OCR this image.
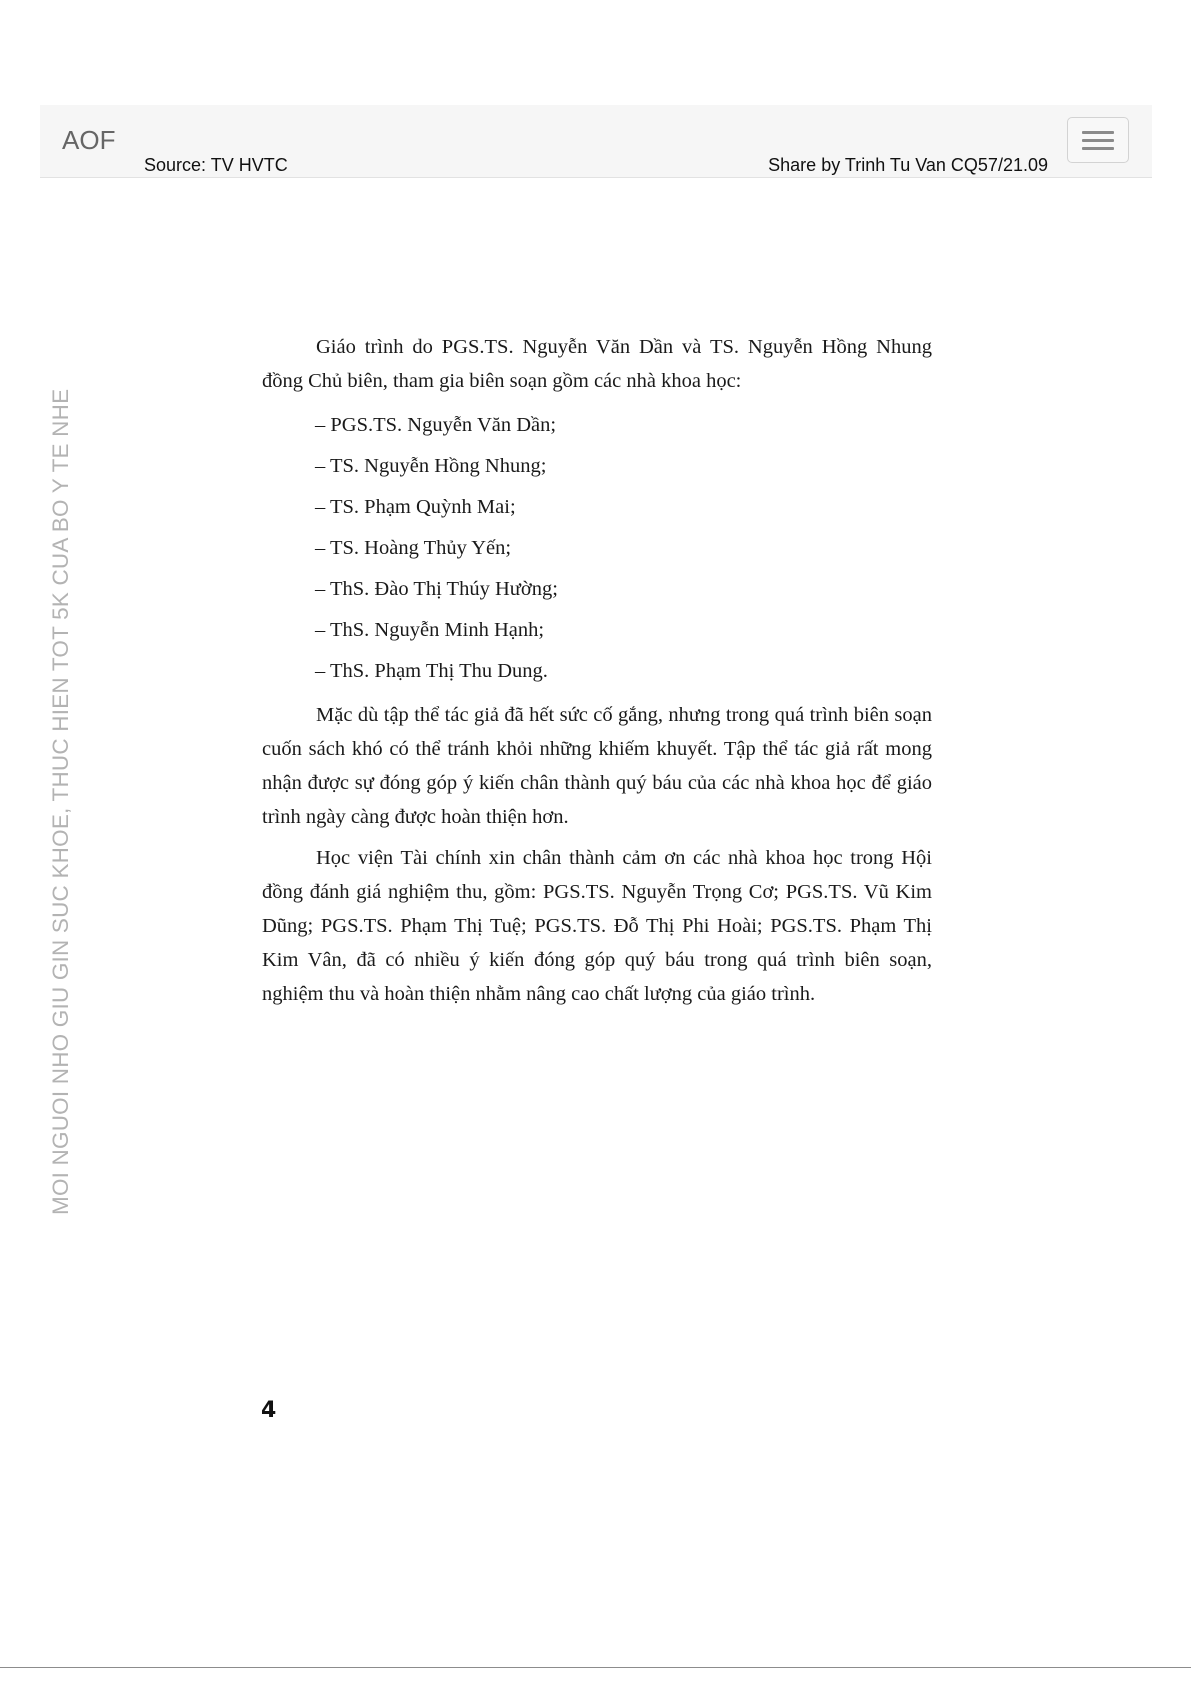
AOF
Source: TV HVTC	Share by Trinh Tu Van CQ57/21.09
MOI NGUOI NHO GIU GIN SUC KHOE, THUC HIEN TOT 5K CUA BO Y TE NHE

Giáo trình do PGS.TS. Nguyễn Văn Dần và TS. Nguyễn Hồng Nhung đồng Chủ biên, tham gia biên soạn gồm các nhà khoa học:

– PGS.TS. Nguyễn Văn Dần;
– TS. Nguyễn Hồng Nhung;
– TS. Phạm Quỳnh Mai;
– TS. Hoàng Thủy Yến;
– ThS. Đào Thị Thúy Hường;
– ThS. Nguyễn Minh Hạnh;
– ThS. Phạm Thị Thu Dung.

Mặc dù tập thể tác giả đã hết sức cố gắng, nhưng trong quá trình biên soạn cuốn sách khó có thể tránh khỏi những khiếm khuyết. Tập thể tác giả rất mong nhận được sự đóng góp ý kiến chân thành quý báu của các nhà khoa học để giáo trình ngày càng được hoàn thiện hơn.

Học viện Tài chính xin chân thành cảm ơn các nhà khoa học trong Hội đồng đánh giá nghiệm thu, gồm: PGS.TS. Nguyễn Trọng Cơ; PGS.TS. Vũ Kim Dũng; PGS.TS. Phạm Thị Tuệ; PGS.TS. Đỗ Thị Phi Hoài; PGS.TS. Phạm Thị Kim Vân, đã có nhiều ý kiến đóng góp quý báu trong quá trình biên soạn, nghiệm thu và hoàn thiện nhằm nâng cao chất lượng của giáo trình.

4
